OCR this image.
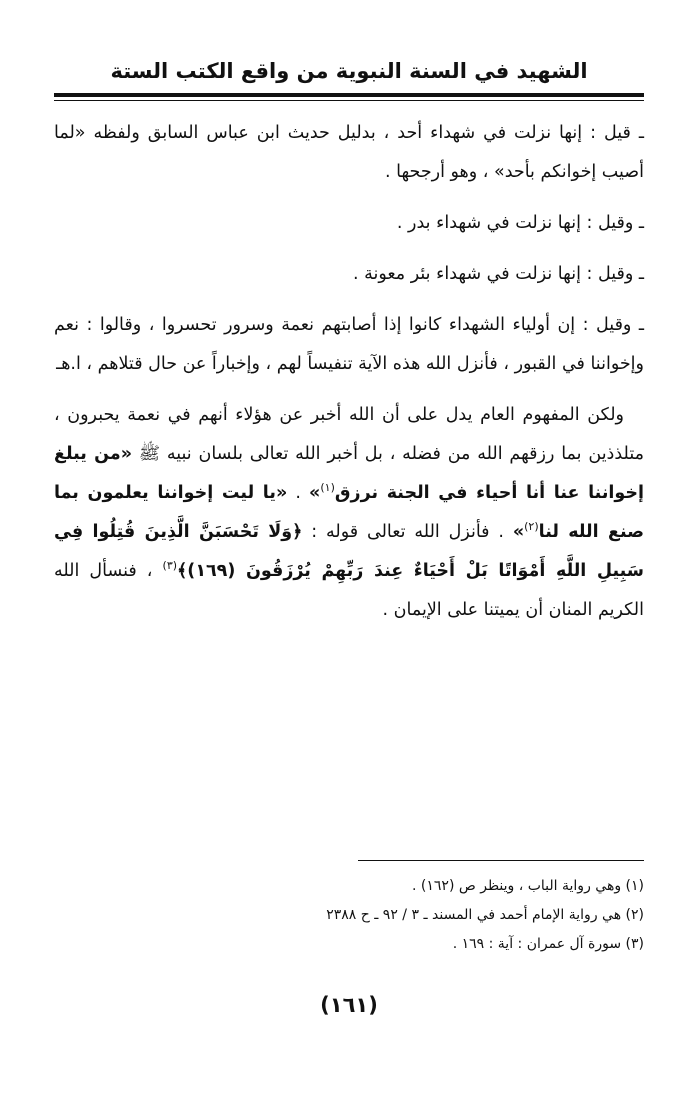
الشهيد في السنة النبوية من واقع الكتب الستة

ـ قيل : إنها نزلت في شهداء أحد ، بدليل حديث ابن عباس السابق ولفظه «لما أصيب إخوانكم بأحد» ، وهو أرجحها .

ـ وقيل : إنها نزلت في شهداء بدر .

ـ وقيل : إنها نزلت في شهداء بئر معونة .

ـ وقيل : إن أولياء الشهداء كانوا إذا أصابتهم نعمة وسرور تحسروا ، وقالوا : نعم وإخواننا في القبور ، فأنزل الله هذه الآية تنفيساً لهم ، وإخباراً عن حال قتلاهم ، ا.هـ

ولكن المفهوم العام يدل على أن الله أخبر عن هؤلاء أنهم في نعمة يحبرون ، متلذذين بما رزقهم الله من فضله ، بل أخبر الله تعالى بلسان نبيه ﷺ «من يبلغ إخواننا عنا أنا أحياء في الجنة نرزق$^{(١)}$» . «يا ليت إخواننا يعلمون بما صنع الله لنا$^{(٢)}$» . فأنزل الله تعالى قوله : ﴿وَلَا تَحْسَبَنَّ الَّذِينَ قُتِلُوا فِي سَبِيلِ اللَّهِ أَمْوَاتًا بَلْ أَحْيَاءٌ عِندَ رَبِّهِمْ يُرْزَقُونَ (١٦٩)﴾$^{(٣)}$ ، فنسأل الله الكريم المنان أن يميتنا على الإيمان .

(١) وهي رواية الباب ، وينظر ص (١٦٢) .
(٢) هي رواية الإمام أحمد في المسند ـ ٣ / ٩٢ ـ ح ٢٣٨٨
(٣) سورة آل عمران : آية : ١٦٩ .
(١٦١)
